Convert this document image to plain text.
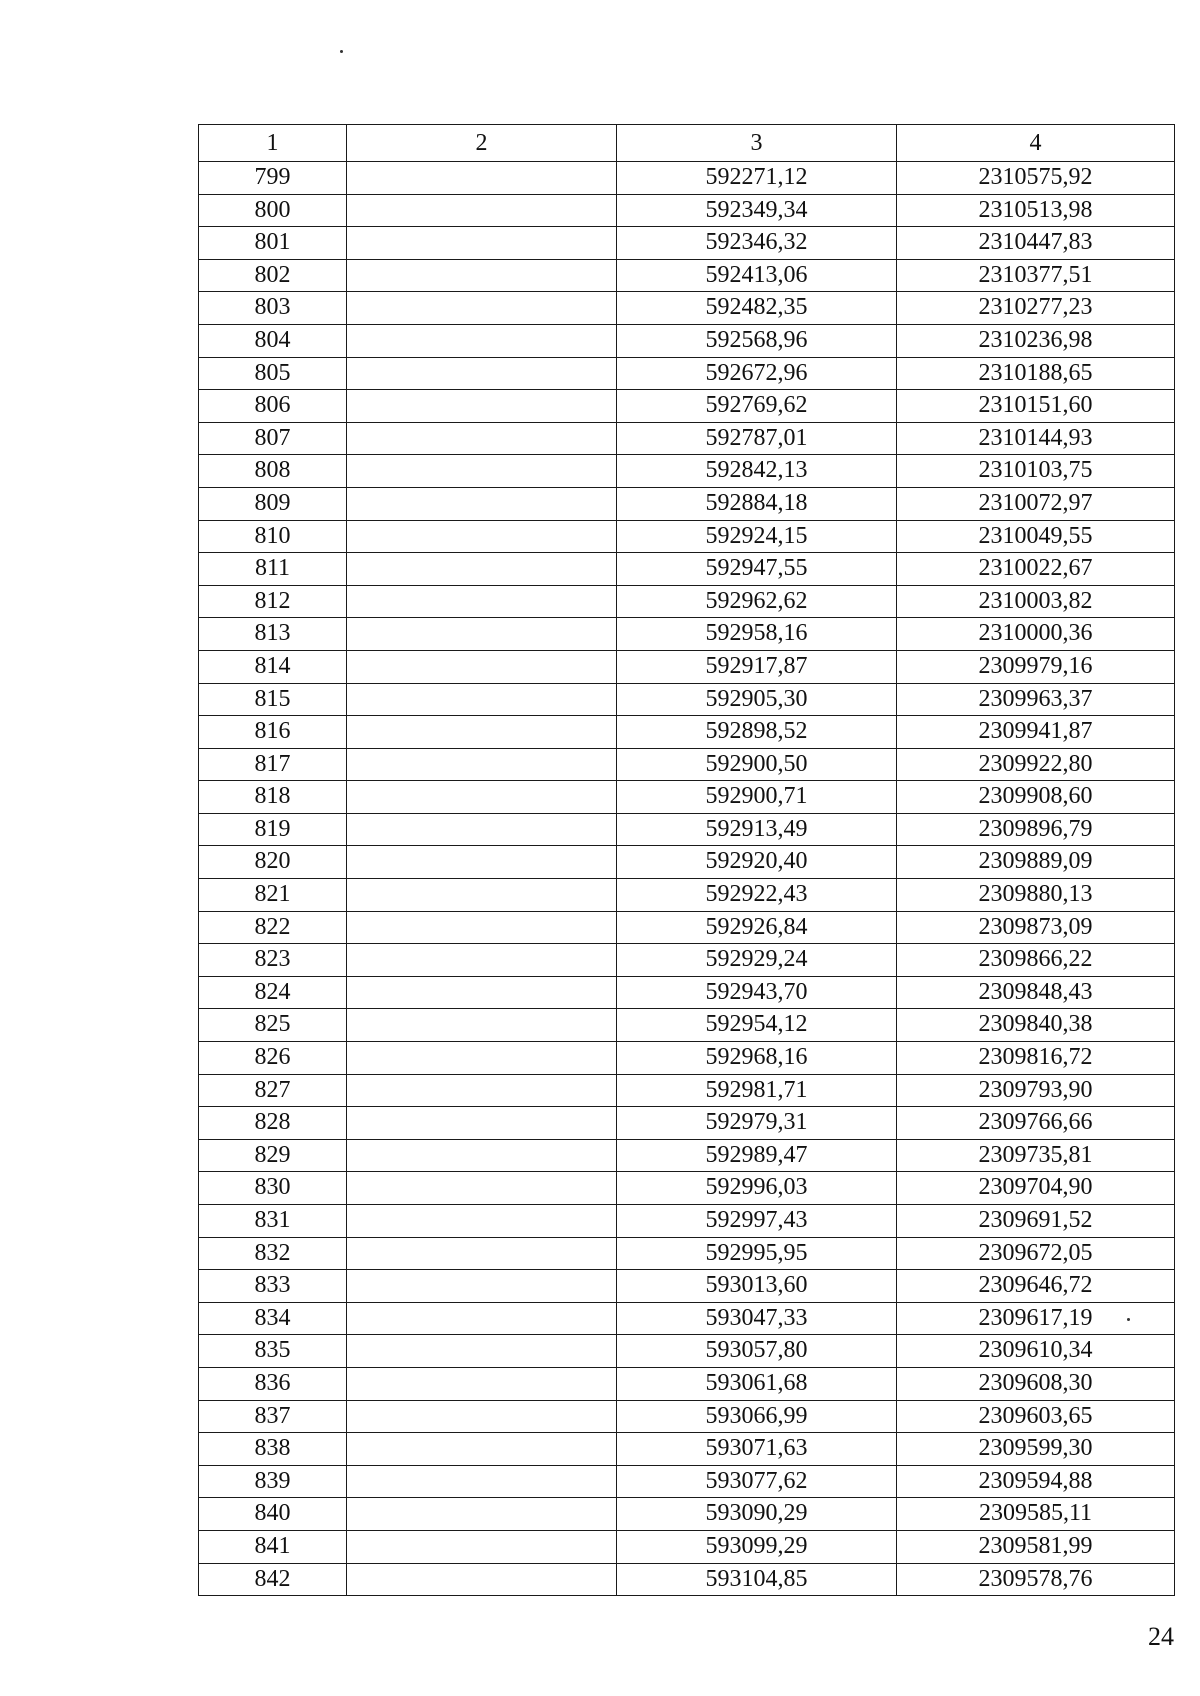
1	2	3	4
799		592271,12	2310575,92
800		592349,34	2310513,98
801		592346,32	2310447,83
802		592413,06	2310377,51
803		592482,35	2310277,23
804		592568,96	2310236,98
805		592672,96	2310188,65
806		592769,62	2310151,60
807		592787,01	2310144,93
808		592842,13	2310103,75
809		592884,18	2310072,97
810		592924,15	2310049,55
811		592947,55	2310022,67
812		592962,62	2310003,82
813		592958,16	2310000,36
814		592917,87	2309979,16
815		592905,30	2309963,37
816		592898,52	2309941,87
817		592900,50	2309922,80
818		592900,71	2309908,60
819		592913,49	2309896,79
820		592920,40	2309889,09
821		592922,43	2309880,13
822		592926,84	2309873,09
823		592929,24	2309866,22
824		592943,70	2309848,43
825		592954,12	2309840,38
826		592968,16	2309816,72
827		592981,71	2309793,90
828		592979,31	2309766,66
829		592989,47	2309735,81
830		592996,03	2309704,90
831		592997,43	2309691,52
832		592995,95	2309672,05
833		593013,60	2309646,72
834		593047,33	2309617,19
835		593057,80	2309610,34
836		593061,68	2309608,30
837		593066,99	2309603,65
838		593071,63	2309599,30
839		593077,62	2309594,88
840		593090,29	2309585,11
841		593099,29	2309581,99
842		593104,85	2309578,76
24
